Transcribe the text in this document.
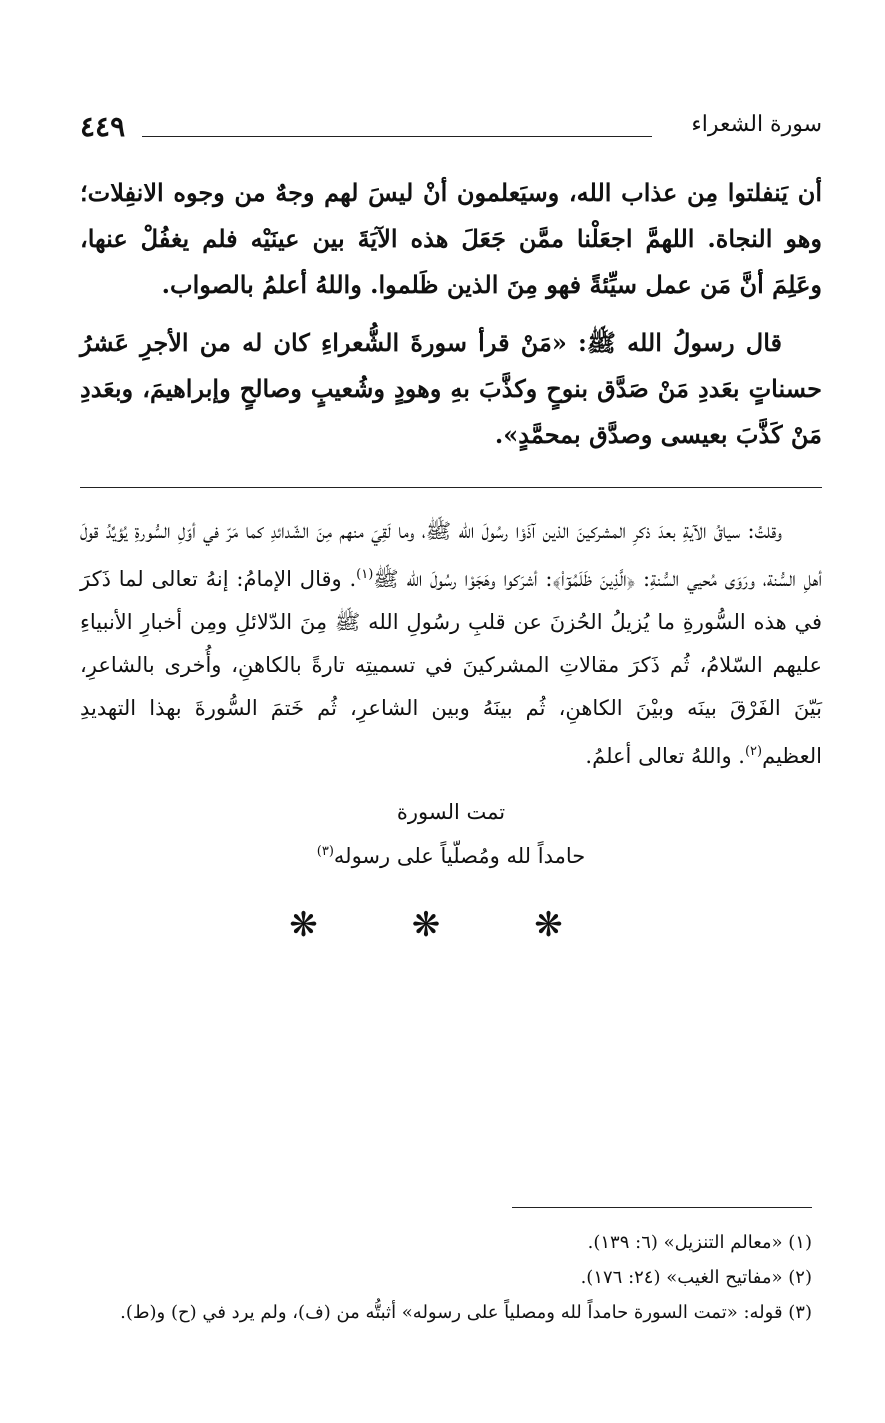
٤٤٩	سورة الشعراء

أن يَنفلتوا مِن عذاب الله، وسيَعلمون أنْ ليسَ لهم وجهٌ من وجوه الانفِلات؛ وهو النجاة. اللهمَّ اجعَلْنا ممَّن جَعَلَ هذه الآيَةَ بين عينَيْه فلم يغفُلْ عنها، وعَلِمَ أنَّ مَن عمل سيِّئةً فهو مِنَ الذين ظَلموا. واللهُ أعلمُ بالصواب.

قال رسولُ الله ﷺ: «مَنْ قرأ سورةَ الشُّعراءِ كان له من الأجرِ عَشرُ حسناتٍ بعَددِ مَنْ صَدَّق بنوحٍ وكذَّبَ بهِ وهودٍ وشُعيبٍ وصالحٍ وإبراهيمَ، وبعَددِ مَنْ كَذَّبَ بعيسى وصدَّق بمحمَّدٍ».

وقلتُ: سياقُ الآيةِ بعدَ ذكرِ المشركينَ الذين آذَوْا رسُولَ الله ﷺ، وما لَقِيَ منهم مِنَ الشّدائدِ كما مَرّ في أوّلِ السُّورةِ يُؤيِّدُ قولَ أهلِ السُّنة، ورَوَى مُحيي السُّنةِ: ﴿الَّذِينَ ظَلَمُوٓاْ﴾: أشرَكوا وهَجَوْا رسُولَ الله ﷺ$^{(١)}$. وقال الإمامُ: إنهُ تعالى لما ذَكرَ في هذه السُّورةِ ما يُزيلُ الحُزنَ عن قلبِ رسُولِ الله ﷺ مِنَ الدّلائلِ ومِن أخبارِ الأنبياءِ عليهم السّلامُ، ثُم ذَكرَ مقالاتِ المشركينَ في تسميتِه تارةً بالكاهنِ، وأُخرى بالشاعرِ، بَيّنَ الفَرْقَ بينَه وبيْنَ الكاهنِ، ثُم بينَهُ وبين الشاعرِ، ثُم خَتمَ السُّورةَ بهذا التهديدِ العظيم$^{(٢)}$. واللهُ تعالى أعلمُ.

تمت السورة
حامداً لله ومُصلّياً على رسوله$^{(٣)}$
❋❋❋
(١) «معالم التنزيل» (٦: ١٣٩).
(٢) «مفاتيح الغيب» (٢٤: ١٧٦).
(٣) قوله: «تمت السورة حامداً لله ومصلياً على رسوله» أثبتُّه من (ف)، ولم يرد في (ح) و(ط).
